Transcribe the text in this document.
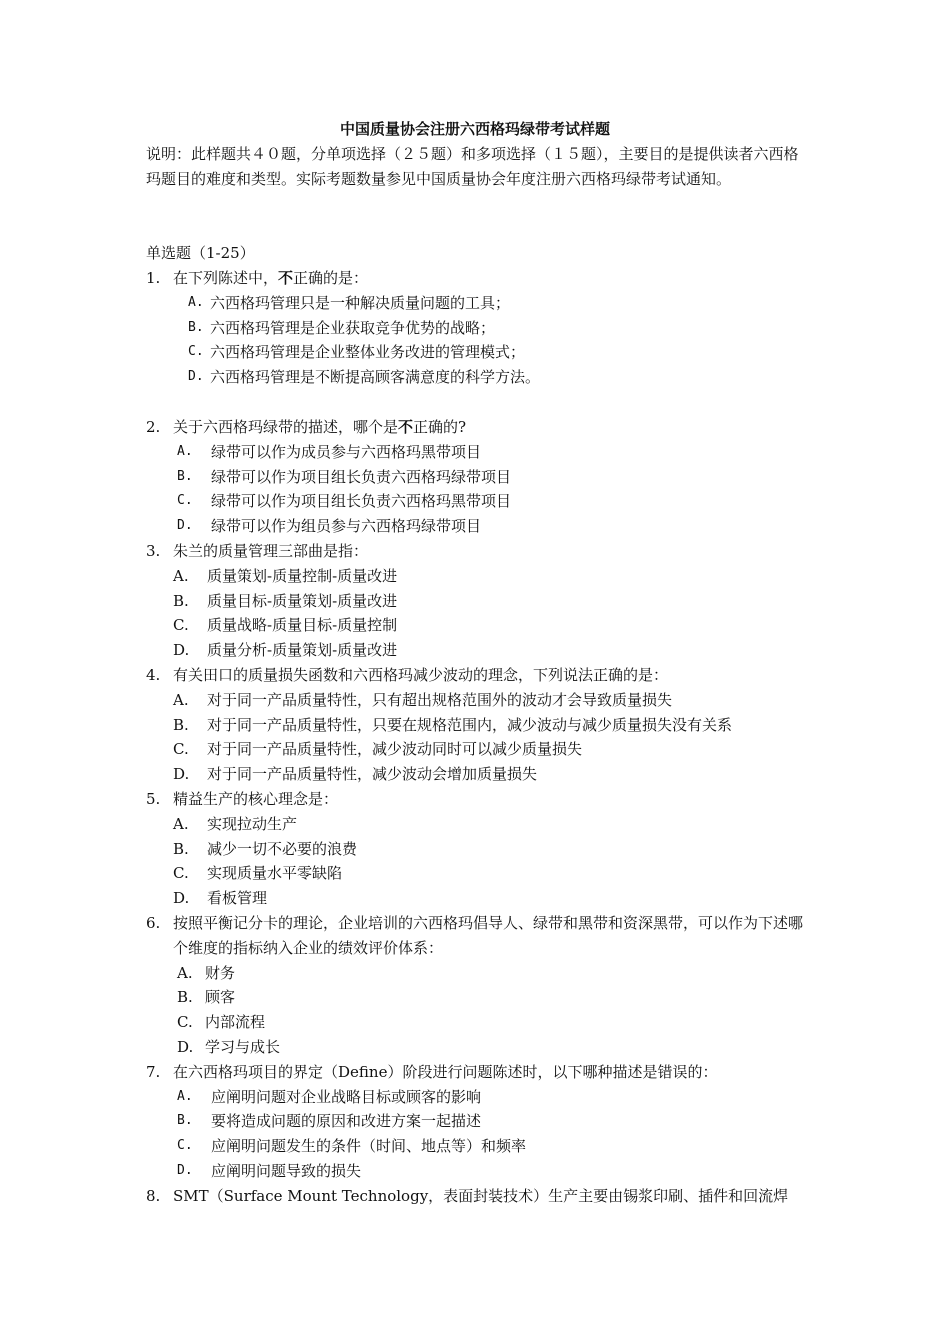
中国质量协会注册六西格玛绿带考试样题
说明：此样题共４０题，分单项选择（２５题）和多项选择（１５题），主要目的是提供读者六西格玛题目的难度和类型。实际考题数量参见中国质量协会年度注册六西格玛绿带考试通知。
单选题（1-25）
1. 在下列陈述中，不正确的是：
A. 六西格玛管理只是一种解决质量问题的工具；
B. 六西格玛管理是企业获取竞争优势的战略；
C. 六西格玛管理是企业整体业务改进的管理模式；
D. 六西格玛管理是不断提高顾客满意度的科学方法。
2. 关于六西格玛绿带的描述，哪个是不正确的?
A.	绿带可以作为成员参与六西格玛黑带项目
B.	绿带可以作为项目组长负责六西格玛绿带项目
C.	绿带可以作为项目组长负责六西格玛黑带项目
D.	绿带可以作为组员参与六西格玛绿带项目
3. 朱兰的质量管理三部曲是指：
A.	质量策划-质量控制-质量改进
B.	质量目标-质量策划-质量改进
C.	质量战略-质量目标-质量控制
D.	质量分析-质量策划-质量改进
4. 有关田口的质量损失函数和六西格玛减少波动的理念，下列说法正确的是：
A.	对于同一产品质量特性，只有超出规格范围外的波动才会导致质量损失
B.	对于同一产品质量特性，只要在规格范围内，减少波动与减少质量损失没有关系
C.	对于同一产品质量特性，减少波动同时可以减少质量损失
D.	对于同一产品质量特性，减少波动会增加质量损失
5. 精益生产的核心理念是：
A.	实现拉动生产
B.	减少一切不必要的浪费
C.	实现质量水平零缺陷
D.	看板管理
6. 按照平衡记分卡的理论，企业培训的六西格玛倡导人、绿带和黑带和资深黑带，可以作为下述哪个维度的指标纳入企业的绩效评价体系：
A. 财务
B. 顾客
C. 内部流程
D. 学习与成长
7. 在六西格玛项目的界定（Define）阶段进行问题陈述时，以下哪种描述是错误的：
A.	应阐明问题对企业战略目标或顾客的影响
B.	要将造成问题的原因和改进方案一起描述
C.	应阐明问题发生的条件（时间、地点等）和频率
D.	应阐明问题导致的损失
8. SMT（Surface Mount Technology，表面封装技术）生产主要由锡浆印刷、插件和回流焊
